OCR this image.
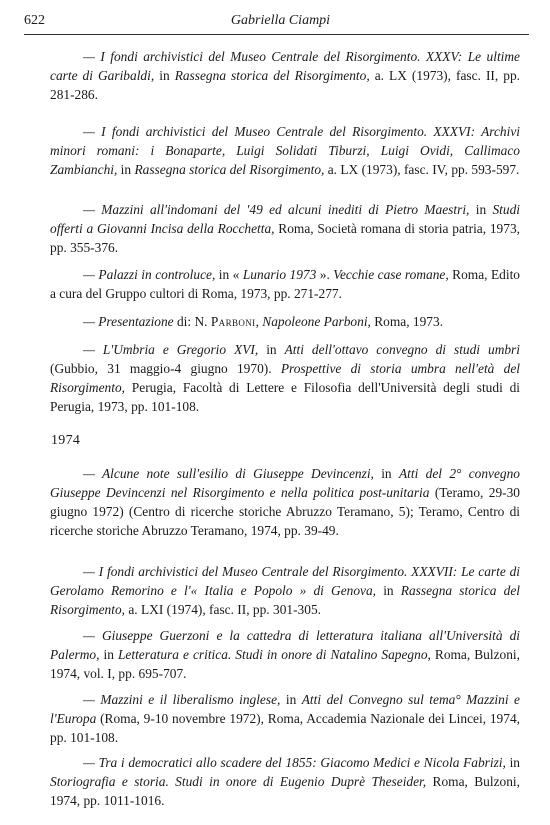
622	Gabriella Ciampi

— I fondi archivistici del Museo Centrale del Risorgimento. XXXV: Le ultime carte di Garibaldi, in Rassegna storica del Risorgimento, a. LX (1973), fasc. II, pp. 281-286.

— I fondi archivistici del Museo Centrale del Risorgimento. XXXVI: Archivi minori romani: i Bonaparte, Luigi Solidati Tiburzi, Luigi Ovidi, Callimaco Zambianchi, in Rassegna storica del Risorgimento, a. LX (1973), fasc. IV, pp. 593-597.

— Mazzini all'indomani del '49 ed alcuni inediti di Pietro Maestri, in Studi offerti a Giovanni Incisa della Rocchetta, Roma, Società romana di storia patria, 1973, pp. 355-376.

— Palazzi in controluce, in « Lunario 1973 ». Vecchie case romane, Roma, Edito a cura del Gruppo cultori di Roma, 1973, pp. 271-277.

— Presentazione di: N. Parboni, Napoleone Parboni, Roma, 1973.

— L'Umbria e Gregorio XVI, in Atti dell'ottavo convegno di studi umbri (Gubbio, 31 maggio-4 giugno 1970). Prospettive di storia umbra nell'età del Risorgimento, Perugia, Facoltà di Lettere e Filosofia dell'Università degli studi di Perugia, 1973, pp. 101-108.

1974

— Alcune note sull'esilio di Giuseppe Devincenzi, in Atti del 2° convegno Giuseppe Devincenzi nel Risorgimento e nella politica post-unitaria (Teramo, 29-30 giugno 1972) (Centro di ricerche storiche Abruzzo Teramano, 5); Teramo, Centro di ricerche storiche Abruzzo Teramano, 1974, pp. 39-49.

— I fondi archivistici del Museo Centrale del Risorgimento. XXXVII: Le carte di Gerolamo Remorino e l'« Italia e Popolo » di Genova, in Rassegna storica del Risorgimento, a. LXI (1974), fasc. II, pp. 301-305.

— Giuseppe Guerzoni e la cattedra di letteratura italiana all'Università di Palermo, in Letteratura e critica. Studi in onore di Natalino Sapegno, Roma, Bulzoni, 1974, vol. I, pp. 695-707.

— Mazzini e il liberalismo inglese, in Atti del Convegno sul tema° Mazzini e l'Europa (Roma, 9-10 novembre 1972), Roma, Accademia Nazionale dei Lincei, 1974, pp. 101-108.

— Tra i democratici allo scadere del 1855: Giacomo Medici e Nicola Fabrizi, in Storiografia e storia. Studi in onore di Eugenio Duprè Theseider, Roma, Bulzoni, 1974, pp. 1011-1016.
